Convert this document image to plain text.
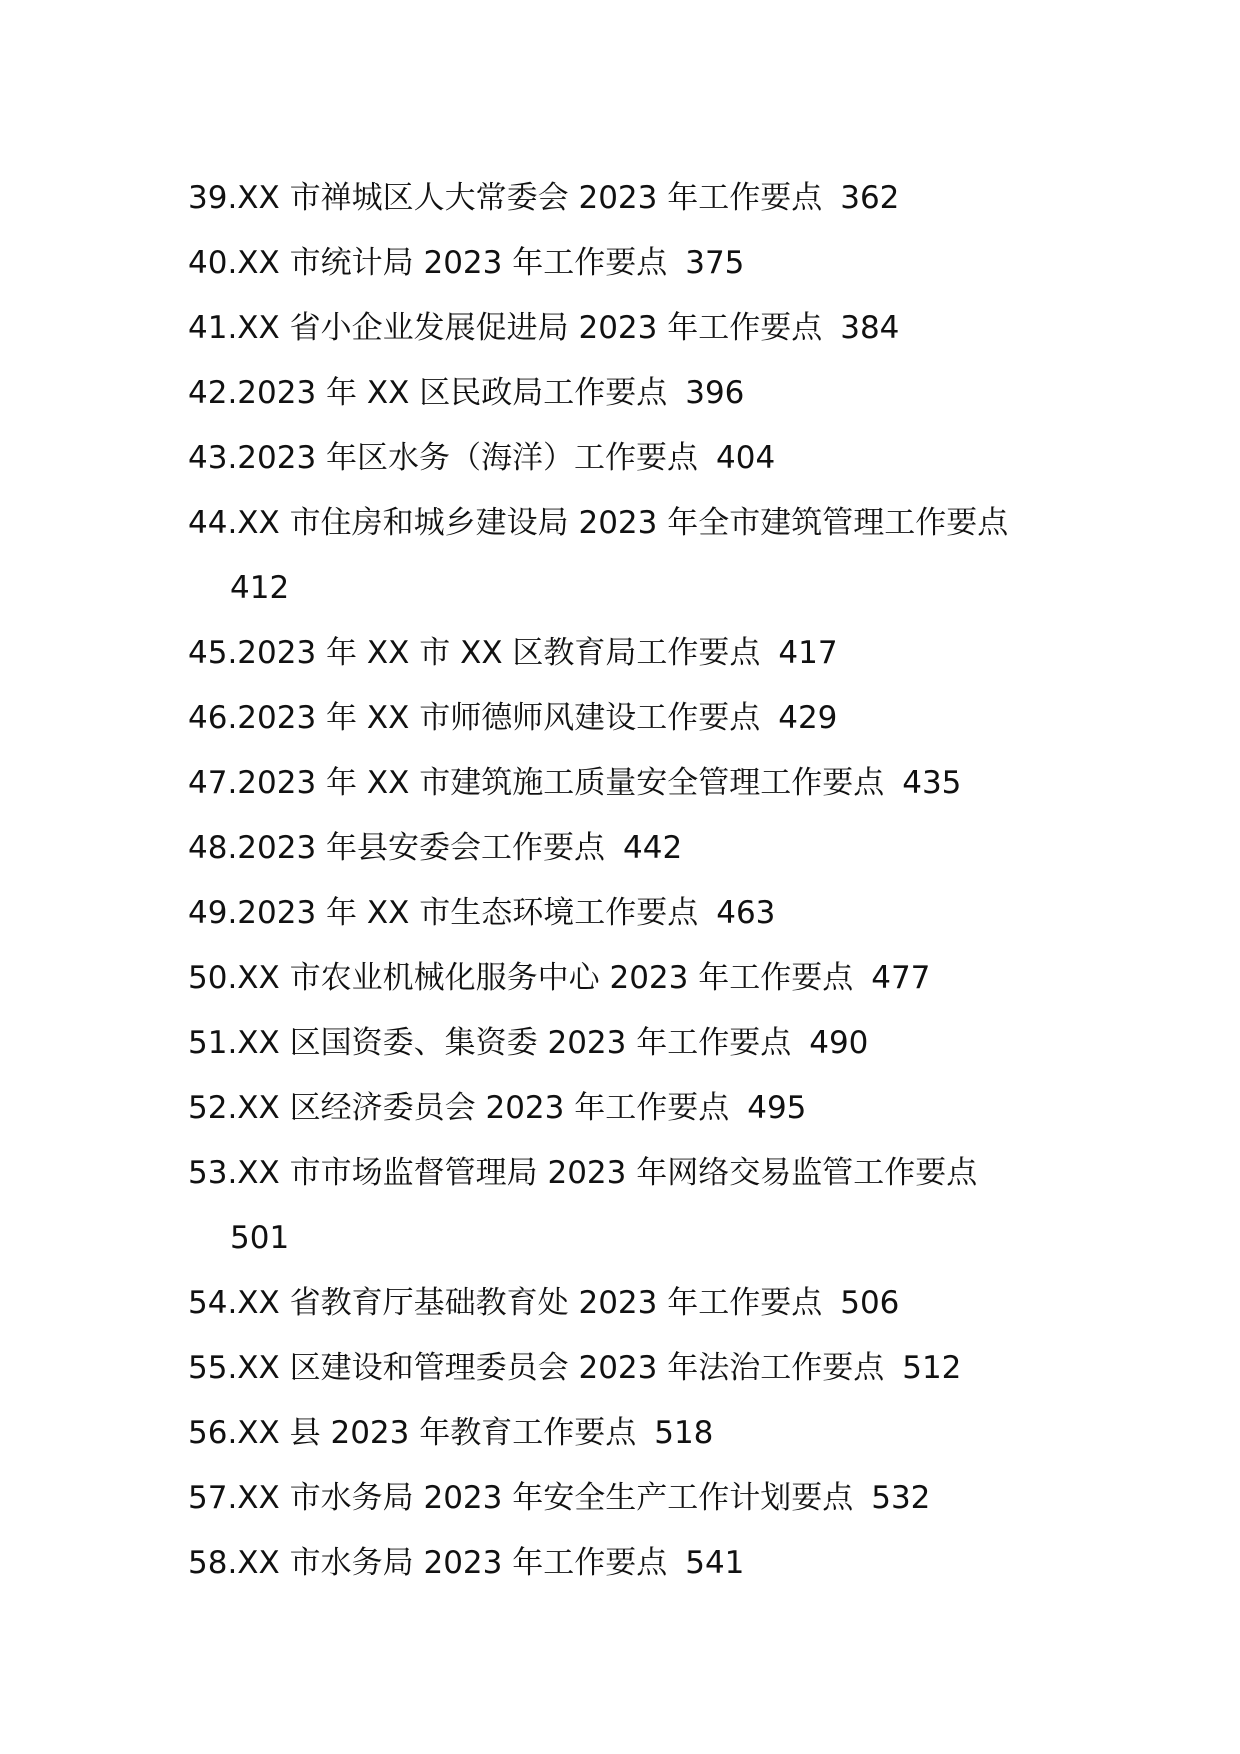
39.XX 市禅城区人大常委会 2023 年工作要点 362
40.XX 市统计局 2023 年工作要点 375
41.XX 省小企业发展促进局 2023 年工作要点 384
42.2023 年 XX 区民政局工作要点 396
43.2023 年区水务（海洋）工作要点 404
44.XX 市住房和城乡建设局 2023 年全市建筑管理工作要点
412
45.2023 年 XX 市 XX 区教育局工作要点 417
46.2023 年 XX 市师德师风建设工作要点 429
47.2023 年 XX 市建筑施工质量安全管理工作要点 435
48.2023 年县安委会工作要点 442
49.2023 年 XX 市生态环境工作要点 463
50.XX 市农业机械化服务中心 2023 年工作要点 477
51.XX 区国资委、集资委 2023 年工作要点 490
52.XX 区经济委员会 2023 年工作要点 495
53.XX 市市场监督管理局 2023 年网络交易监管工作要点
501
54.XX 省教育厅基础教育处 2023 年工作要点 506
55.XX 区建设和管理委员会 2023 年法治工作要点 512
56.XX 县 2023 年教育工作要点 518
57.XX 市水务局 2023 年安全生产工作计划要点 532
58.XX 市水务局 2023 年工作要点 541
